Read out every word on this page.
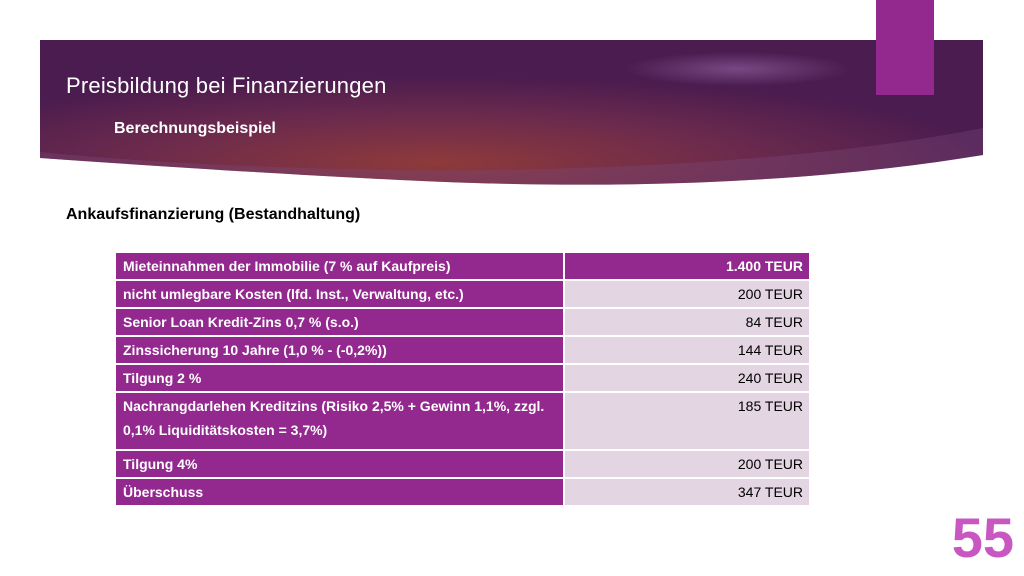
Preisbildung bei Finanzierungen
Berechnungsbeispiel
Ankaufsfinanzierung (Bestandhaltung)
Mieteinnahmen der Immobilie (7 % auf Kaufpreis)	1.400 TEUR
nicht umlegbare Kosten (lfd. Inst., Verwaltung, etc.)	200 TEUR
Senior Loan Kredit-Zins 0,7 % (s.o.)	84 TEUR
Zinssicherung 10 Jahre (1,0 % - (-0,2%))	144 TEUR
Tilgung 2 %	240 TEUR
Nachrangdarlehen Kreditzins (Risiko 2,5% + Gewinn 1,1%, zzgl. 0,1% Liquiditätskosten = 3,7%)	185 TEUR
Tilgung 4%	200 TEUR
Überschuss	347 TEUR
55
